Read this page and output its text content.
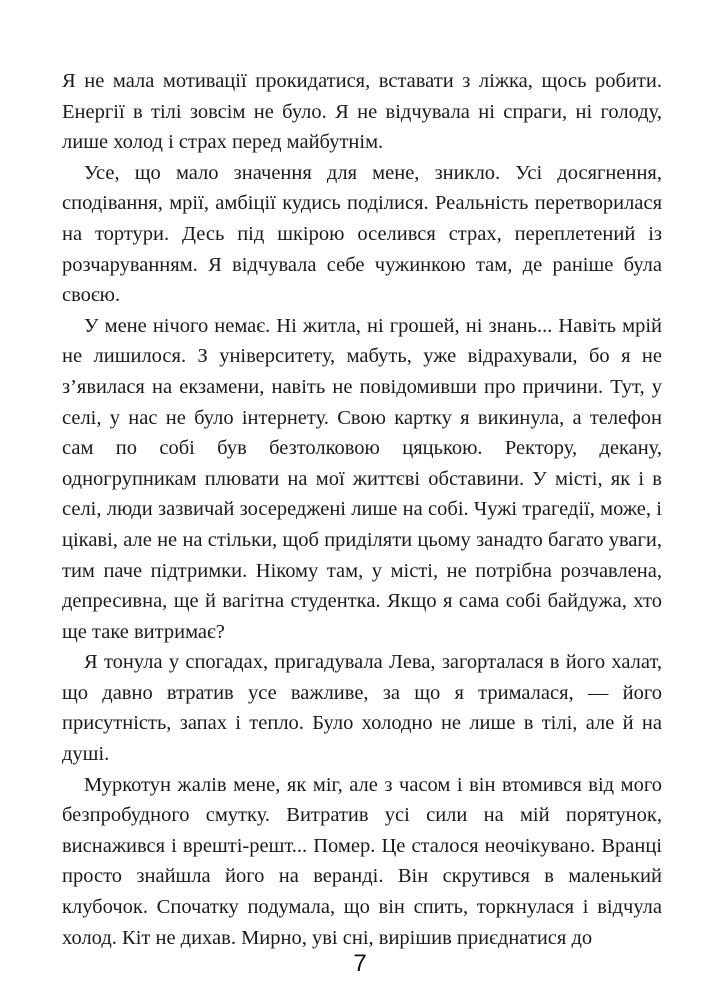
Я не мала мотивації прокидатися, вставати з ліжка, щось робити. Енергії в тілі зовсім не було. Я не відчувала ні спраги, ні голоду, лише холод і страх перед майбутнім.

Усе, що мало значення для мене, зникло. Усі досягнення, сподівання, мрії, амбіції кудись поділися. Реальність перетворилася на тортури. Десь під шкірою оселився страх, переплетений із розчаруванням. Я відчувала себе чужинкою там, де раніше була своєю.

У мене нічого немає. Ні житла, ні грошей, ні знань... Навіть мрій не лишилося. З університету, мабуть, уже відрахували, бо я не з’явилася на екзамени, навіть не повідомивши про причини. Тут, у селі, у нас не було інтернету. Свою картку я викинула, а телефон сам по собі був безтолковою цяцькою. Ректору, декану, одногрупникам плювати на мої життєві обставини. У місті, як і в селі, люди зазвичай зосереджені лише на собі. Чужі трагедії, може, і цікаві, але не на стільки, щоб приділяти цьому занадто багато уваги, тим паче підтримки. Нікому там, у місті, не потрібна розчавлена, депресивна, ще й вагітна студентка. Якщо я сама собі байдужа, хто ще таке витримає?

Я тонула у спогадах, пригадувала Лева, загорталася в його халат, що давно втратив усе важливе, за що я трималася, — його присутність, запах і тепло. Було холодно не лише в тілі, але й на душі.

Муркотун жалів мене, як міг, але з часом і він втомився від мого безпробудного смутку. Витратив усі сили на мій порятунок, виснажився і врешті-решт... Помер. Це сталося неочікувано. Вранці просто знайшла його на веранді. Він скрутився в маленький клубочок. Спочатку подумала, що він спить, торкнулася і відчула холод. Кіт не дихав. Мирно, уві сні, вирішив приєднатися до

7
